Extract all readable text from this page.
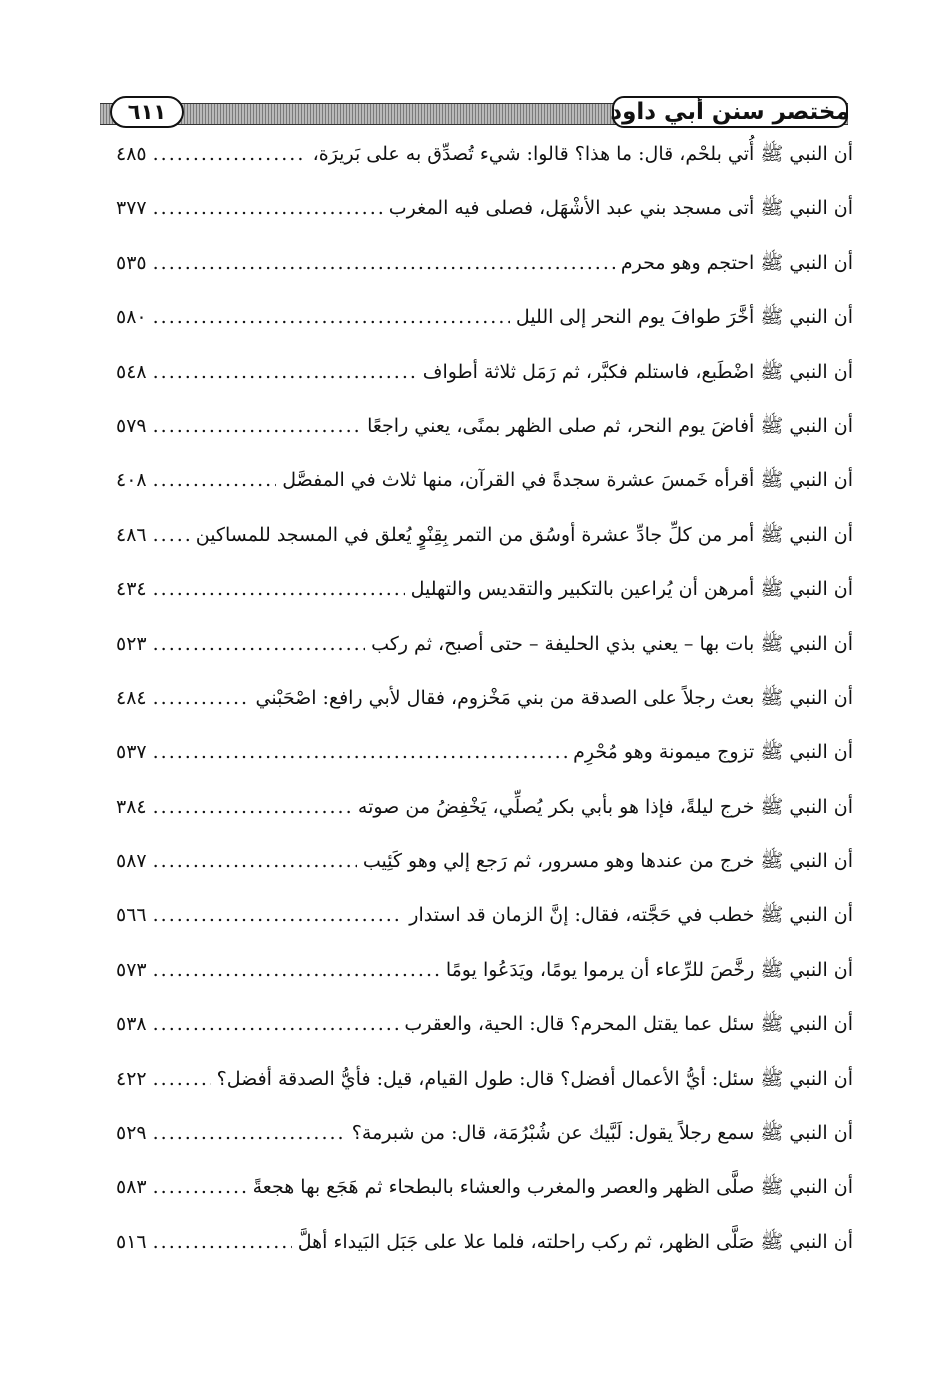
مختصر سنن أبي داود
٦١١
أن النبي ﷺ أُتي بلحْم، قال: ما هذا؟ قالوا: شيء تُصدِّق به على بَريرَة،
.....
٤٨٥
أن النبي ﷺ أتى مسجد بني عبد الأشْهَل، فصلى فيه المغرب
.....
٣٧٧
أن النبي ﷺ احتجم وهو محرم
.....
٥٣٥
أن النبي ﷺ أخَّرَ طوافَ يوم النحر إلى الليل
.....
٥٨٠
أن النبي ﷺ اضْطَبع، فاستلم فكبَّر، ثم رَمَل ثلاثة أطواف
.....
٥٤٨
أن النبي ﷺ أفاضَ يوم النحر، ثم صلى الظهر بمنًى، يعني راجعًا
.....
٥٧٩
أن النبي ﷺ أقرأه خَمسَ عشرة سجدةً في القرآن، منها ثلاث في المفصَّل
.....
٤٠٨
أن النبي ﷺ أمر من كلِّ جادِّ عشرة أوسُق من التمر بِقِنْوٍ يُعلق في المسجد للمساكين
.....
٤٨٦
أن النبي ﷺ أمرهن أن يُراعين بالتكبير والتقديس والتهليل
.....
٤٣٤
أن النبي ﷺ بات بها – يعني بذي الحليفة – حتى أصبح، ثم ركب
.....
٥٢٣
أن النبي ﷺ بعث رجلاً على الصدقة من بني مَخْزوم، فقال لأبي رافع: اصْحَبْني
.....
٤٨٤
أن النبي ﷺ تزوج ميمونة وهو مُحْرِم
.....
٥٣٧
أن النبي ﷺ خرج ليلةً، فإذا هو بأبي بكر يُصلِّي، يَخْفِضُ من صوته
.....
٣٨٤
أن النبي ﷺ خرج من عندها وهو مسرور، ثم رَجع إلي وهو كَئِيب
.....
٥٨٧
أن النبي ﷺ خطب في حَجَّته، فقال: إنَّ الزمان قد استدار
.....
٥٦٦
أن النبي ﷺ رخَّصَ للرِّعاء أن يرموا يومًا، ويَدَعُوا يومًا
.....
٥٧٣
أن النبي ﷺ سئل عما يقتل المحرم؟ قال: الحية، والعقرب
.....
٥٣٨
أن النبي ﷺ سئل: أيُّ الأعمال أفضل؟ قال: طول القيام، قيل: فأيُّ الصدقة أفضل؟
.....
٤٢٢
أن النبي ﷺ سمع رجلاً يقول: لَبَّيك عن شُبْرُمَة، قال: من شبرمة؟
.....
٥٢٩
أن النبي ﷺ صلَّى الظهر والعصر والمغرب والعشاء بالبطحاء ثم هَجَع بها هجعةً
.....
٥٨٣
أن النبي ﷺ صَلَّى الظهر، ثم ركب راحلته، فلما علا على جَبَل البَيداء أهلَّ
.....
٥١٦
